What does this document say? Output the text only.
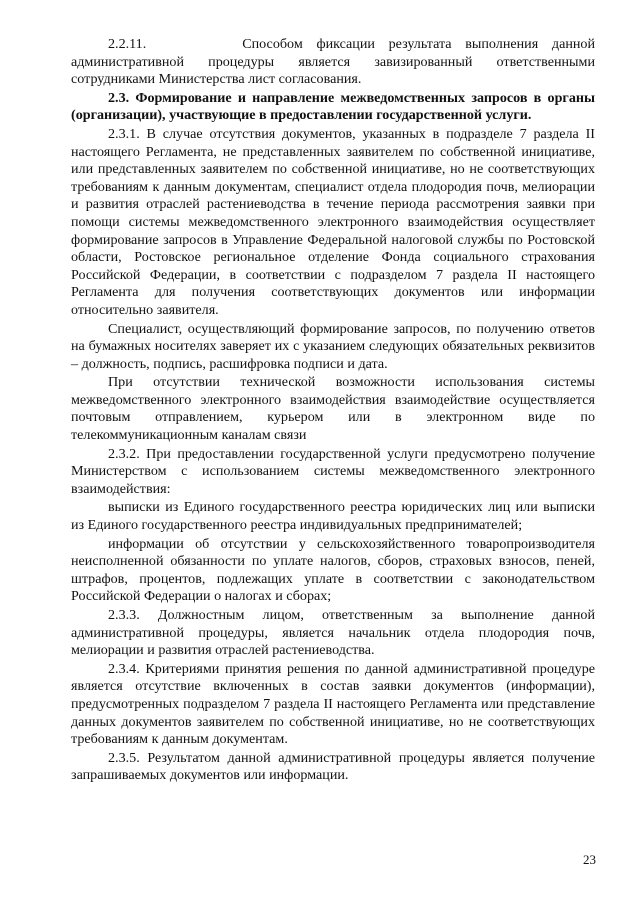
2.2.11.       Способом фиксации результата выполнения данной административной процедуры является завизированный ответственными сотрудниками Министерства лист согласования.

2.3. Формирование и направление межведомственных запросов в органы (организации), участвующие в предоставлении государственной услуги.

2.3.1. В случае отсутствия документов, указанных в подразделе 7 раздела II настоящего Регламента, не представленных заявителем по собственной инициативе, или представленных заявителем по собственной инициативе, но не соответствующих требованиям к данным документам, специалист отдела плодородия почв, мелиорации и развития отраслей растениеводства в течение периода рассмотрения заявки при помощи системы межведомственного электронного взаимодействия осуществляет формирование запросов в Управление Федеральной налоговой службы по Ростовской области, Ростовское региональное отделение Фонда социального страхования Российской Федерации, в соответствии с подразделом 7 раздела II настоящего Регламента для получения соответствующих документов или информации относительно заявителя.

Специалист, осуществляющий формирование запросов, по получению ответов на бумажных носителях заверяет их с указанием следующих обязательных реквизитов – должность, подпись, расшифровка подписи и дата.

При отсутствии технической возможности использования системы межведомственного электронного взаимодействия взаимодействие осуществляется почтовым отправлением, курьером или в электронном виде по телекоммуникационным каналам связи

2.3.2. При предоставлении государственной услуги предусмотрено получение Министерством с использованием системы межведомственного электронного взаимодействия:

выписки из Единого государственного реестра юридических лиц или выписки из Единого государственного реестра индивидуальных предпринимателей;

информации об отсутствии у сельскохозяйственного товаропроизводителя неисполненной обязанности по уплате налогов, сборов, страховых взносов, пеней, штрафов, процентов, подлежащих уплате в соответствии с законодательством Российской Федерации о налогах и сборах;

2.3.3. Должностным лицом, ответственным за выполнение данной административной процедуры, является начальник отдела плодородия почв, мелиорации и развития отраслей растениеводства.

2.3.4. Критериями принятия решения по данной административной процедуре является отсутствие включенных в состав заявки документов (информации), предусмотренных подразделом 7 раздела II настоящего Регламента или представление данных документов заявителем по собственной инициативе, но не соответствующих требованиям к данным документам.

2.3.5. Результатом данной административной процедуры является получение запрашиваемых документов или информации.

23
